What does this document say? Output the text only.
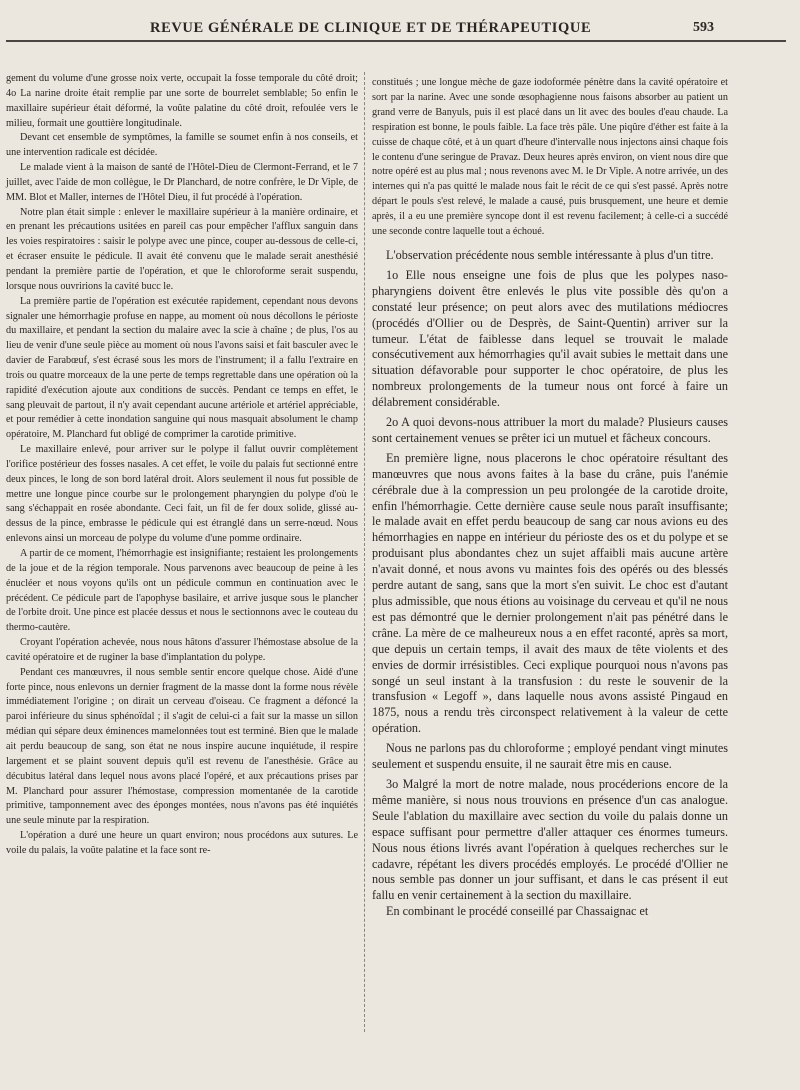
REVUE GÉNÉRALE DE CLINIQUE ET DE THÉRAPEUTIQUE	593

gement du volume d'une grosse noix verte, occupait la fosse temporale du côté droit; 4o La narine droite était remplie par une sorte de bourrelet semblable; 5o enfin le maxillaire supérieur était déformé, la voûte palatine du côté droit, refoulée vers le milieu, formait une gouttière longitudinale.

Devant cet ensemble de symptômes, la famille se soumet enfin à nos conseils, et une intervention radicale est décidée.

Le malade vient à la maison de santé de l'Hôtel-Dieu de Clermont-Ferrand, et le 7 juillet, avec l'aide de mon collègue, le Dr Planchard, de notre confrère, le Dr Viple, de MM. Blot et Maller, internes de l'Hôtel Dieu, il fut procédé à l'opération.

Notre plan était simple : enlever le maxillaire supérieur à la manière ordinaire, et en prenant les précautions usitées en pareil cas pour empêcher l'afflux sanguin dans les voies respiratoires : saisir le polype avec une pince, couper au-dessous de celle-ci, et écraser ensuite le pédicule. Il avait été convenu que le malade serait anesthésié pendant la première partie de l'opération, et que le chloroforme serait suspendu, lorsque nous ouvririons la cavité bucc le.

La première partie de l'opération est exécutée rapidement, cependant nous devons signaler une hémorrhagie profuse en nappe, au moment où nous décollons le périoste du maxillaire, et pendant la section du malaire avec la scie à chaîne ; de plus, l'os au lieu de venir d'une seule pièce au moment où nous l'avons saisi et fait basculer avec le davier de Farabœuf, s'est écrasé sous les mors de l'instrument; il a fallu l'extraire en trois ou quatre morceaux de la une perte de temps regrettable dans une opération où la rapidité d'exécution ajoute aux conditions de succès. Pendant ce temps en effet, le sang pleuvait de partout, il n'y avait cependant aucune artériole et artériel appréciable, et pour remédier à cette inondation sanguine qui nous masquait absolument le champ opératoire, M. Planchard fut obligé de comprimer la carotide primitive.

Le maxillaire enlevé, pour arriver sur le polype il fallut ouvrir complètement l'orifice postérieur des fosses nasales. A cet effet, le voile du palais fut sectionné entre deux pinces, le long de son bord latéral droit. Alors seulement il nous fut possible de mettre une longue pince courbe sur le prolongement pharyngien du polype d'où le sang s'échappait en rosée abondante. Ceci fait, un fil de fer doux solide, glissé au-dessus de la pince, embrasse le pédicule qui est étranglé dans un serre-nœud. Nous enlevons ainsi un morceau de polype du volume d'une pomme ordinaire.

A partir de ce moment, l'hémorrhagie est insignifiante; restaient les prolongements de la joue et de la région temporale. Nous parvenons avec beaucoup de peine à les énucléer et nous voyons qu'ils ont un pédicule commun en continuation avec le précédent. Ce pédicule part de l'apophyse basilaire, et arrive jusque sous le plancher de l'orbite droit. Une pince est placée dessus et nous le sectionnons avec le couteau du thermo-cautère.

Croyant l'opération achevée, nous nous hâtons d'assurer l'hémostase absolue de la cavité opératoire et de ruginer la base d'implantation du polype.

Pendant ces manœuvres, il nous semble sentir encore quelque chose. Aidé d'une forte pince, nous enlevons un dernier fragment de la masse dont la forme nous révèle immédiatement l'origine ; on dirait un cerveau d'oiseau. Ce fragment a défoncé la paroi inférieure du sinus sphénoïdal ; il s'agit de celui-ci a fait sur la masse un sillon médian qui sépare deux éminences mamelonnées tout est terminé. Bien que le malade ait perdu beaucoup de sang, son état ne nous inspire aucune inquiétude, il respire largement et se plaint souvent depuis qu'il est revenu de l'anesthésie. Grâce au décubitus latéral dans lequel nous avons placé l'opéré, et aux précautions prises par M. Planchard pour assurer l'hémostase, compression momentanée de la carotide primitive, tamponnement avec des éponges montées, nous n'avons pas été inquiétés une seule minute par la respiration.

L'opération a duré une heure un quart environ; nous procédons aux sutures. Le voile du palais, la voûte palatine et la face sont re-

constitués ; une longue mèche de gaze iodoformée pénètre dans la cavité opératoire et sort par la narine. Avec une sonde œsophagienne nous faisons absorber au patient un grand verre de Banyuls, puis il est placé dans un lit avec des boules d'eau chaude. La respiration est bonne, le pouls faible. La face très pâle. Une piqûre d'éther est faite à la cuisse de chaque côté, et à un quart d'heure d'intervalle nous injectons ainsi chaque fois le contenu d'une seringue de Pravaz. Deux heures après environ, on vient nous dire que notre opéré est au plus mal ; nous revenons avec M. le Dr Viple. A notre arrivée, un des internes qui n'a pas quitté le malade nous fait le récit de ce qui s'est passé. Après notre départ le pouls s'est relevé, le malade a causé, puis brusquement, une heure et demie après, il a eu une première syncope dont il est revenu facilement; à celle-ci a succédé une seconde contre laquelle tout a échoué.

L'observation précédente nous semble intéressante à plus d'un titre.

1o Elle nous enseigne une fois de plus que les polypes naso-pharyngiens doivent être enlevés le plus vite possible dès qu'on a constaté leur présence; on peut alors avec des mutilations médiocres (procédés d'Ollier ou de Desprès, de Saint-Quentin) arriver sur la tumeur. L'état de faiblesse dans lequel se trouvait le malade consécutivement aux hémorrhagies qu'il avait subies le mettait dans une situation défavorable pour supporter le choc opératoire, de plus les nombreux prolongements de la tumeur nous ont forcé à faire un délabrement considérable.

2o A quoi devons-nous attribuer la mort du malade? Plusieurs causes sont certainement venues se prêter ici un mutuel et fâcheux concours.

En première ligne, nous placerons le choc opératoire résultant des manœuvres que nous avons faites à la base du crâne, puis l'anémie cérébrale due à la compression un peu prolongée de la carotide droite, enfin l'hémorrhagie. Cette dernière cause seule nous paraît insuffisante; le malade avait en effet perdu beaucoup de sang car nous avions eu des hémorrhagies en nappe en intérieur du périoste des os et du polype et se produisant plus abondantes chez un sujet affaibli mais aucune artère n'avait donné, et nous avons vu maintes fois des opérés ou des blessés perdre autant de sang, sans que la mort s'en suivit. Le choc est d'autant plus admissible, que nous étions au voisinage du cerveau et qu'il ne nous est pas démontré que le dernier prolongement n'ait pas pénétré dans le crâne. La mère de ce malheureux nous a en effet raconté, après sa mort, que depuis un certain temps, il avait des maux de tête violents et des envies de dormir irrésistibles. Ceci explique pourquoi nous n'avons pas songé un seul instant à la transfusion : du reste le souvenir de la transfusion « Legoff », dans laquelle nous avons assisté Pingaud en 1875, nous a rendu très circonspect relativement à la valeur de cette opération.

Nous ne parlons pas du chloroforme ; employé pendant vingt minutes seulement et suspendu ensuite, il ne saurait être mis en cause.

3o Malgré la mort de notre malade, nous procéderions encore de la même manière, si nous nous trouvions en présence d'un cas analogue. Seule l'ablation du maxillaire avec section du voile du palais donne un espace suffisant pour permettre d'aller attaquer ces énormes tumeurs. Nous nous étions livrés avant l'opération à quelques recherches sur le cadavre, répétant les divers procédés employés. Le procédé d'Ollier ne nous semble pas donner un jour suffisant, et dans le cas présent il eut fallu en venir certainement à la section du maxillaire.

En combinant le procédé conseillé par Chassaignac et
